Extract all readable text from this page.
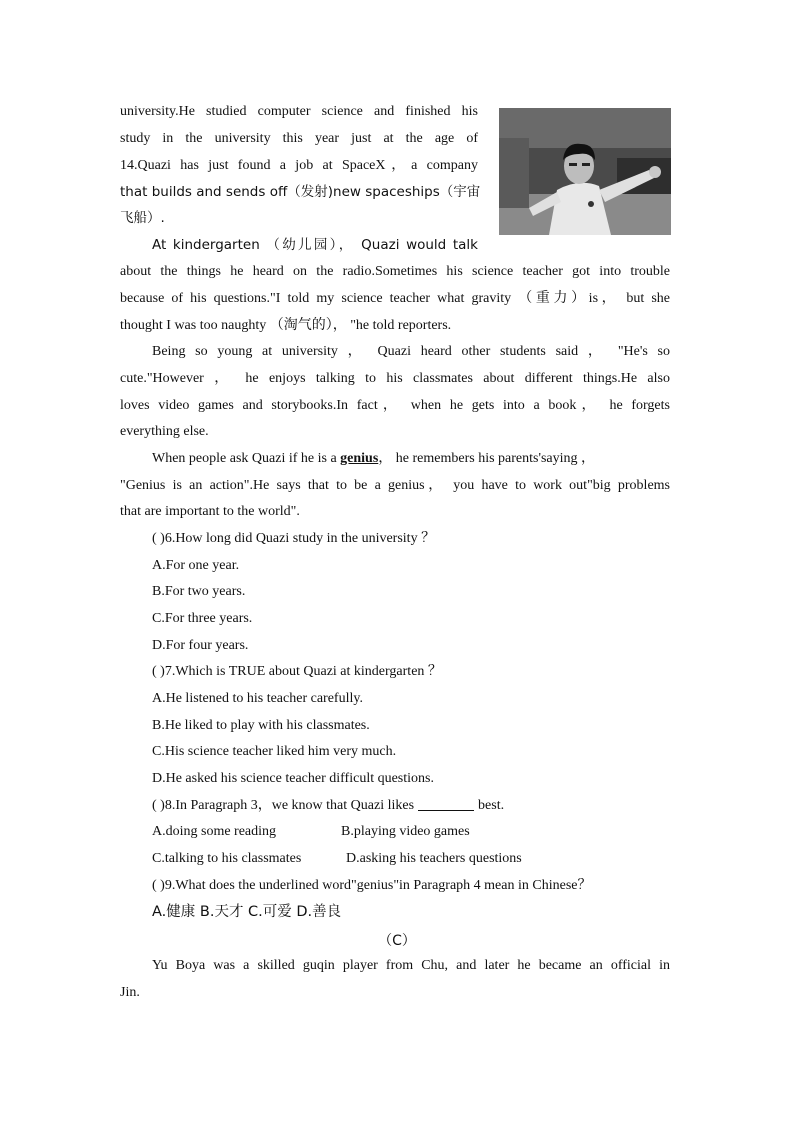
university.He studied computer science and finished his
study in the university this year just at the age of
14.Quazi has just found a job at SpaceX，a company
that builds and sends off（发射)new spaceships（宇宙
飞船）.
At kindergarten （幼儿园）， Quazi would talk
about the things he heard on the radio.Sometimes his science teacher got into trouble
because of his questions."I told my science teacher what gravity （重力）is， but she
thought I was too naughty （淘气的）， "he told reporters.
Being so young at university ， Quazi heard other students said ， "He's so
cute."However ， he enjoys talking to his classmates about different things.He also
loves video games and storybooks.In fact， when he gets into a book， he forgets
everything else.
When people ask Quazi if he is a genius， he remembers his parents'saying ，
"Genius is an action".He says that to be a genius， you have to work out"big problems
that are important to the world".
( )6.How long did Quazi study in the university ？
A.For one year.
B.For two years.
C.For three years.
D.For four years.
( )7.Which is TRUE about Quazi at kindergarten ？
A.He listened to his teacher carefully.
B.He liked to play with his classmates.
C.His science teacher liked him very much.
D.He asked his science teacher difficult questions.
( )8.In Paragraph 3，we know that Quazi likes	best.
A.doing some reading	B.playing video games
C.talking to his classmates	D.asking his teachers questions
( )9.What does the underlined word"genius"in Paragraph 4 mean in Chinese？
A.健康 B.天才 C.可爱 D.善良
（C）
Yu Boya was a skilled guqin player from Chu, and later he became an official in
Jin.
